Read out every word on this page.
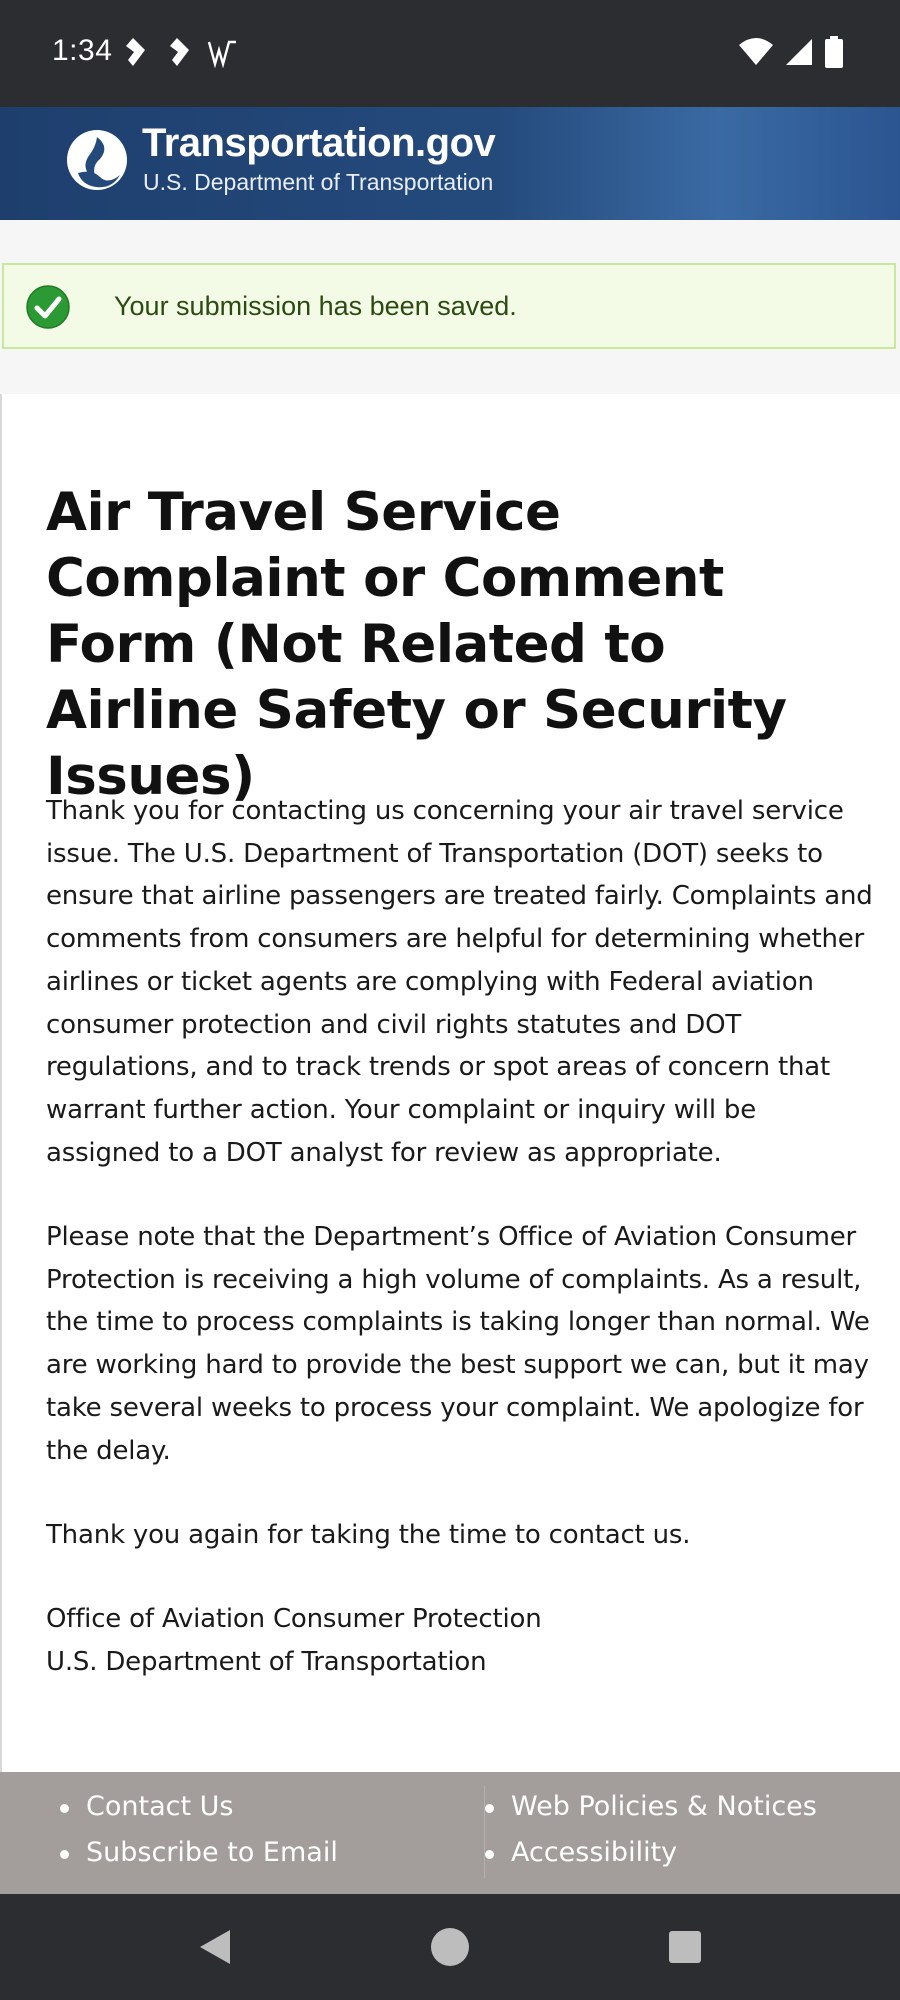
1:34
Transportation.gov
U.S. Department of Transportation
Your submission has been saved.
Air Travel Service Complaint or Comment Form (Not Related to Airline Safety or Security Issues)

Thank you for contacting us concerning your air travel service issue. The U.S. Department of Transportation (DOT) seeks to ensure that airline passengers are treated fairly. Complaints and comments from consumers are helpful for determining whether airlines or ticket agents are complying with Federal aviation consumer protection and civil rights statutes and DOT regulations, and to track trends or spot areas of concern that warrant further action. Your complaint or inquiry will be assigned to a DOT analyst for review as appropriate.

Please note that the Department’s Office of Aviation Consumer Protection is receiving a high volume of complaints. As a result, the time to process complaints is taking longer than normal. We are working hard to provide the best support we can, but it may take several weeks to process your complaint. We apologize for the delay.

Thank you again for taking the time to contact us.

Office of Aviation Consumer Protection
U.S. Department of Transportation
Contact Us
Subscribe to Email
Web Policies & Notices
Accessibility
